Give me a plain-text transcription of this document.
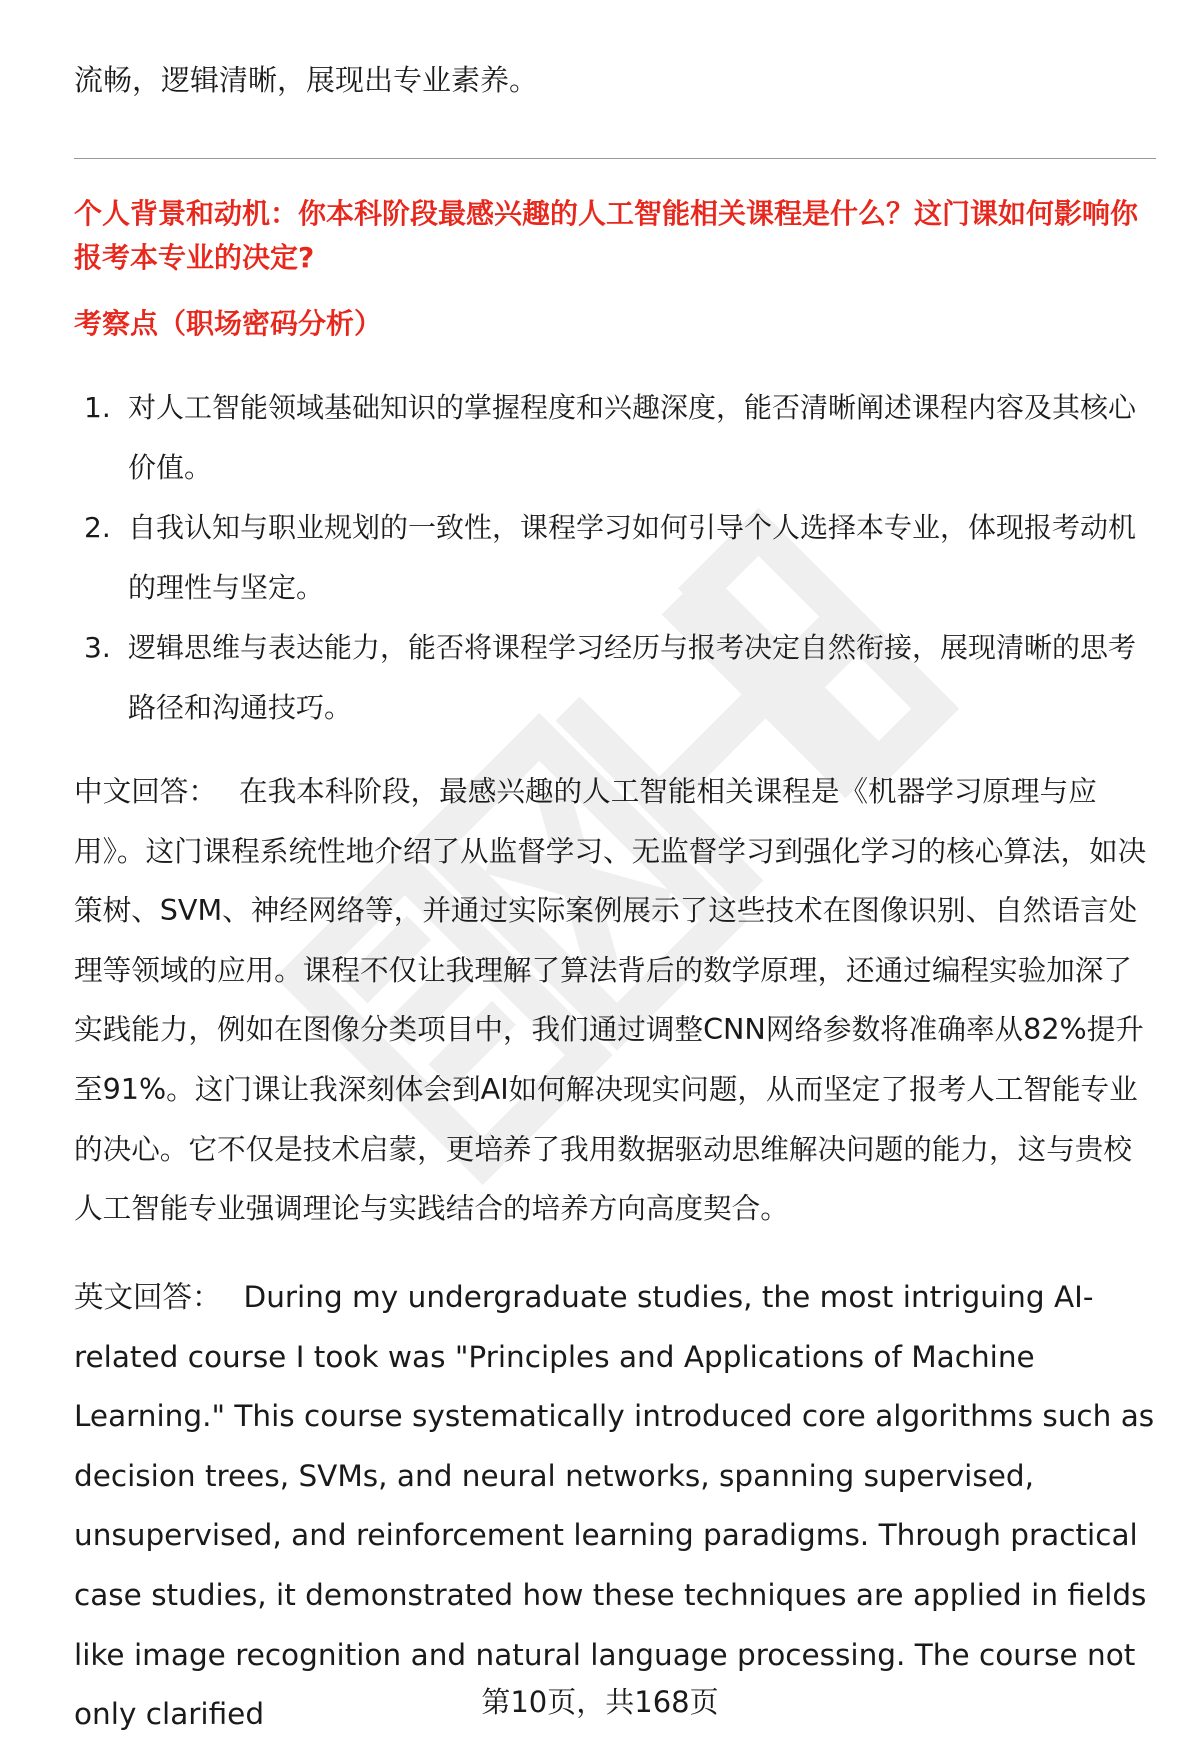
流畅，逻辑清晰，展现出专业素养。
个人背景和动机：你本科阶段最感兴趣的人工智能相关课程是什么？这门课如何影响你报考本专业的决定?
考察点（职场密码分析）
1. 对人工智能领域基础知识的掌握程度和兴趣深度，能否清晰阐述课程内容及其核心价值。
2. 自我认知与职业规划的一致性，课程学习如何引导个人选择本专业，体现报考动机的理性与坚定。
3. 逻辑思维与表达能力，能否将课程学习经历与报考决定自然衔接，展现清晰的思考路径和沟通技巧。
中文回答： 在我本科阶段，最感兴趣的人工智能相关课程是《机器学习原理与应用》。这门课程系统性地介绍了从监督学习、无监督学习到强化学习的核心算法，如决策树、SVM、神经网络等，并通过实际案例展示了这些技术在图像识别、自然语言处理等领域的应用。课程不仅让我理解了算法背后的数学原理，还通过编程实验加深了实践能力，例如在图像分类项目中，我们通过调整CNN网络参数将准确率从82%提升至91%。这门课让我深刻体会到AI如何解决现实问题，从而坚定了报考人工智能专业的决心。它不仅是技术启蒙，更培养了我用数据驱动思维解决问题的能力，这与贵校人工智能专业强调理论与实践结合的培养方向高度契合。
英文回答： During my undergraduate studies, the most intriguing AI-related course I took was "Principles and Applications of Machine Learning." This course systematically introduced core algorithms such as decision trees, SVMs, and neural networks, spanning supervised, unsupervised, and reinforcement learning paradigms. Through practical case studies, it demonstrated how these techniques are applied in fields like image recognition and natural language processing. The course not only clarified	第10页，共168页
